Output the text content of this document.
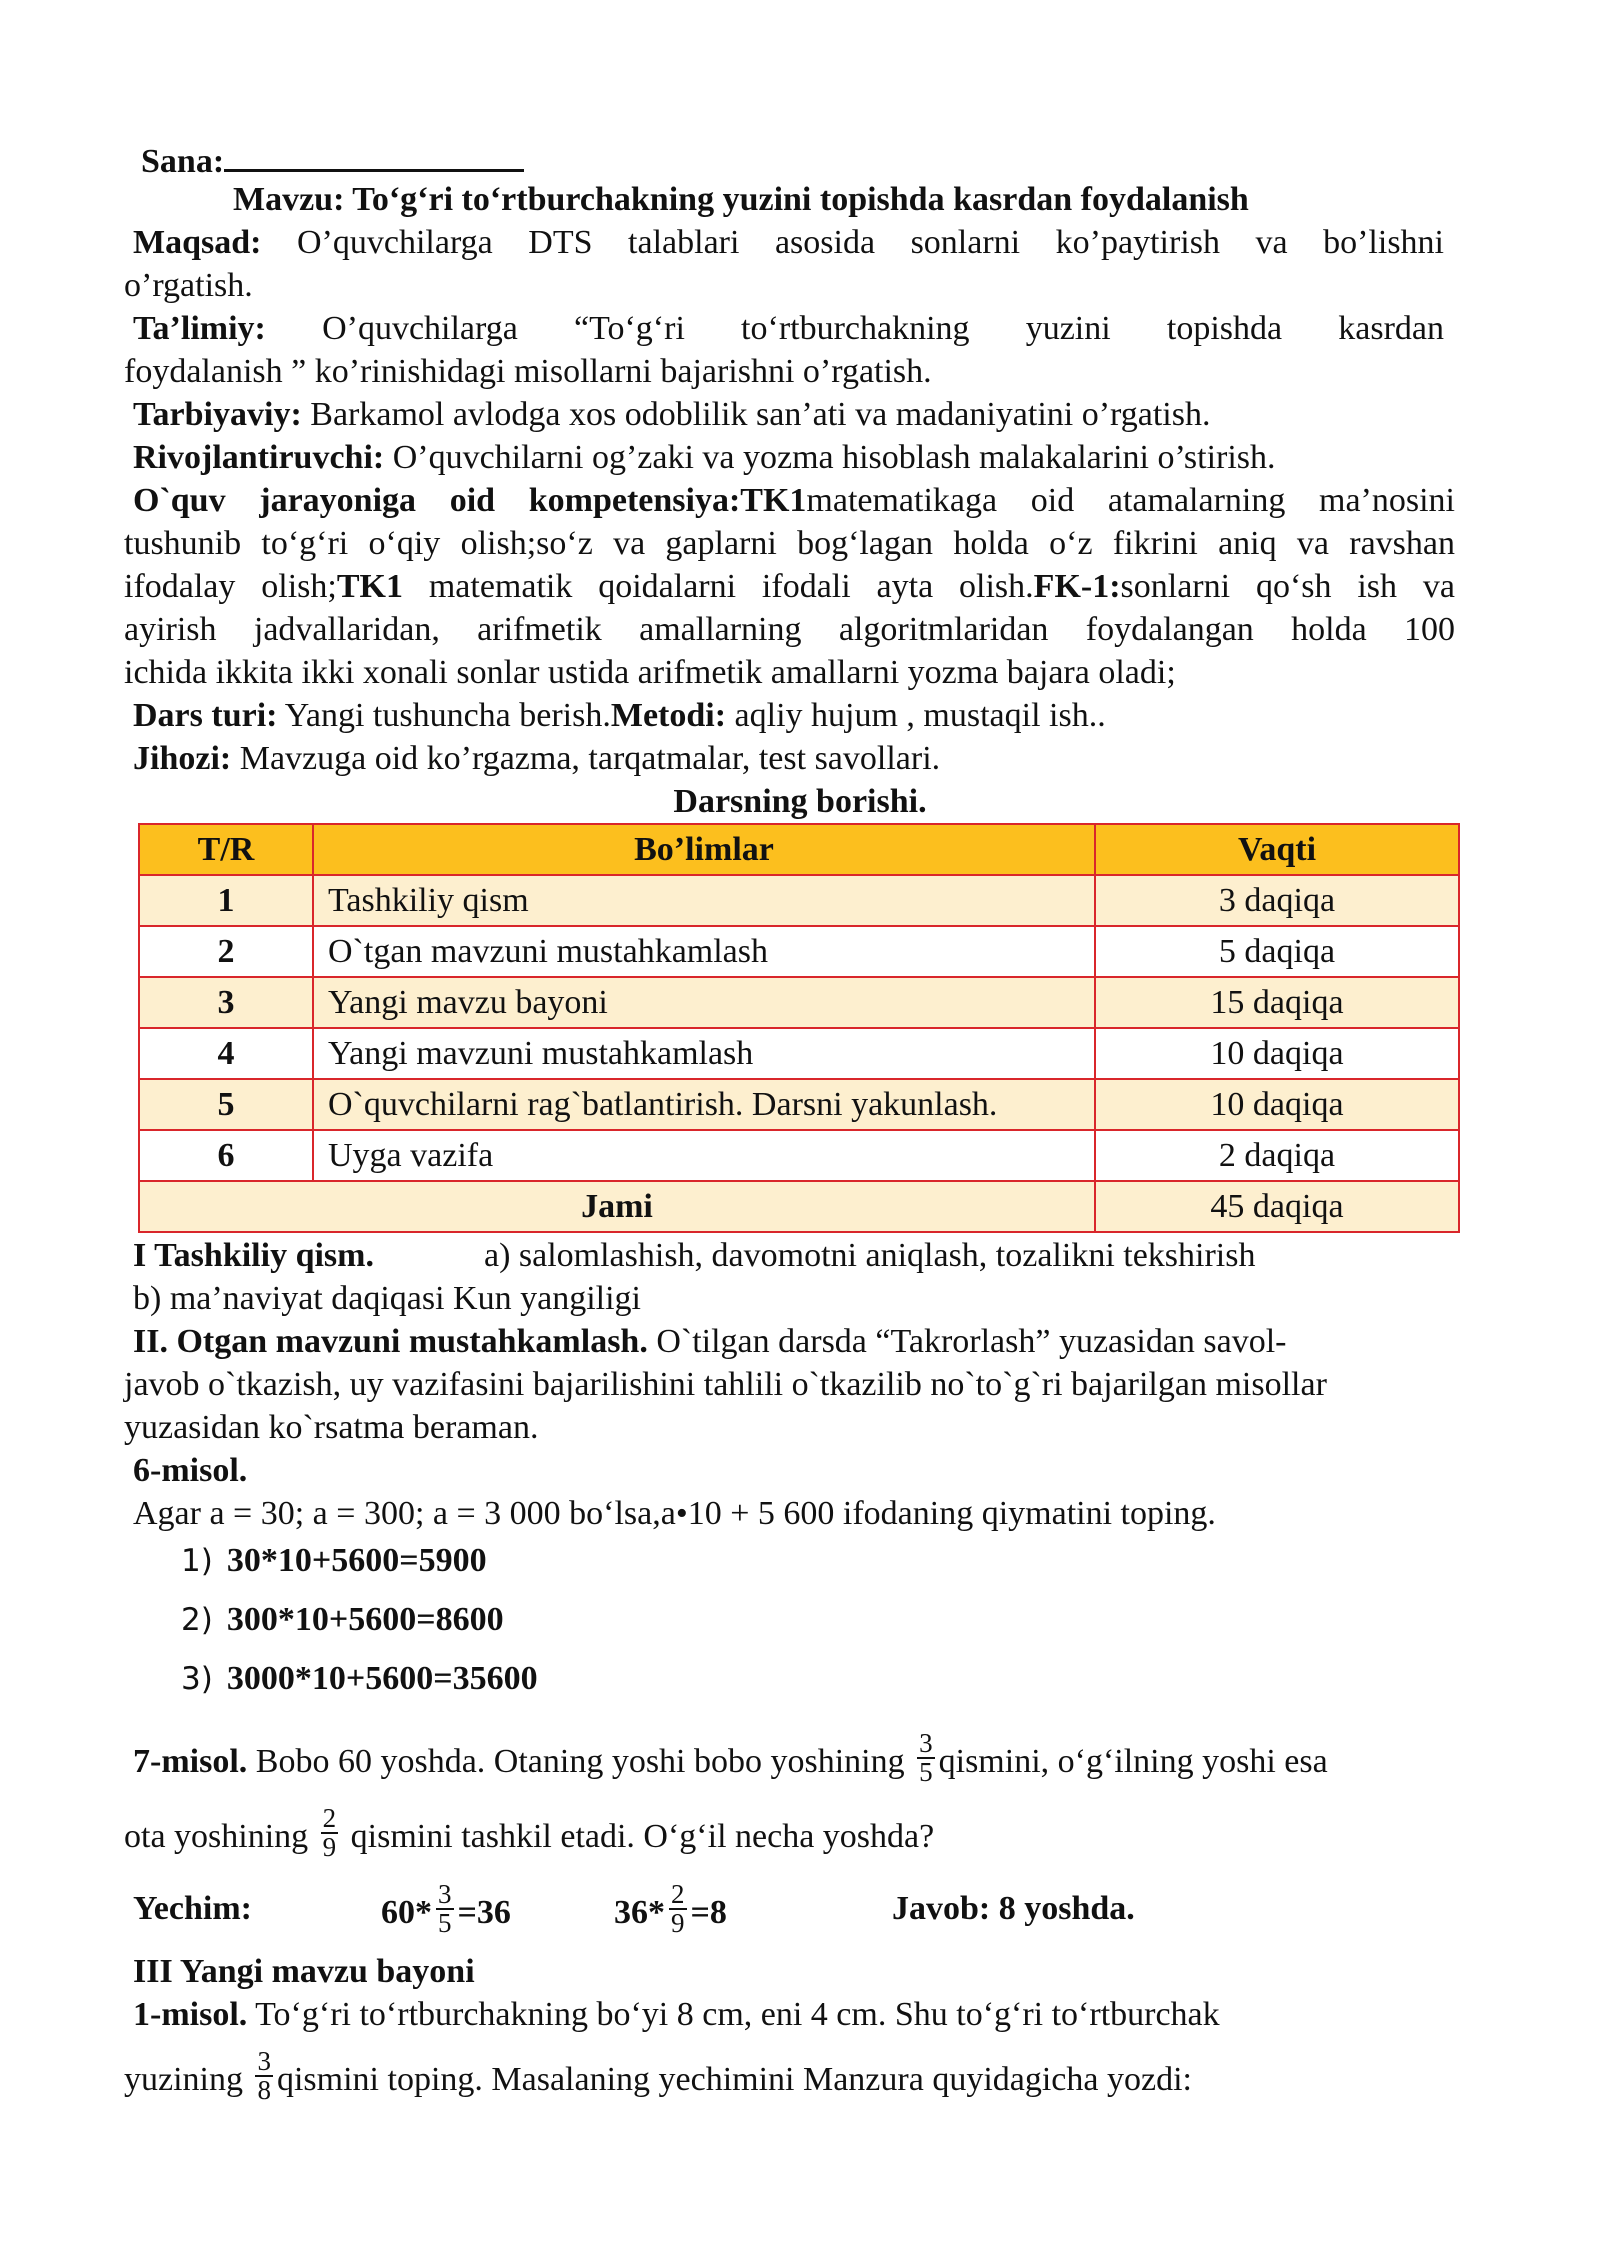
Sana:
Mavzu: To‘g‘ri to‘rtburchakning yuzini topishda kasrdan foydalanish
Maqsad: O’quvchilarga DTS talablari asosida sonlarni ko’paytirish va bo’lishni
o’rgatish.
Ta’limiy: O’quvchilarga “To‘g‘ri to‘rtburchakning yuzini topishda kasrdan
foydalanish ” ko’rinishidagi misollarni bajarishni o’rgatish.
Tarbiyaviy: Barkamol avlodga xos odoblilik san’ati va madaniyatini o’rgatish.
Rivojlantiruvchi: O’quvchilarni og’zaki va yozma hisoblash malakalarini o’stirish.
O`quv jarayoniga oid kompetensiya:TK1matematikaga oid atamalarning ma’nosini
tushunib to‘g‘ri o‘qiy olish;so‘z va gaplarni bog‘lagan holda o‘z fikrini aniq va ravshan
ifodalay olish;TK1 matematik qoidalarni ifodali ayta olish.FK-1:sonlarni qo‘sh ish va
ayirish jadvallaridan, arifmetik amallarning algoritmlaridan foydalangan holda 100
ichida ikkita ikki xonali sonlar ustida arifmetik amallarni yozma bajara oladi;
Dars turi: Yangi tushuncha berish.Metodi: aqliy hujum , mustaqil ish..
Jihozi: Mavzuga oid ko’rgazma, tarqatmalar, test savollari.
Darsning borishi.
T/R	Bo’limlar	Vaqti
1	Tashkiliy qism	3 daqiqa
2	O`tgan mavzuni mustahkamlash	5 daqiqa
3	Yangi mavzu bayoni	15 daqiqa
4	Yangi mavzuni mustahkamlash	10 daqiqa
5	O`quvchilarni rag`batlantirish. Darsni yakunlash.	10 daqiqa
6	Uyga vazifa	2 daqiqa
Jami		45 daqiqa
I Tashkiliy qism.	a) salomlashish, davomotni aniqlash, tozalikni tekshirish
b) ma’naviyat daqiqasi Kun yangiligi
II. Otgan mavzuni mustahkamlash. O`tilgan darsda “Takrorlash” yuzasidan savol-
javob o`tkazish, uy vazifasini bajarilishini tahlili o`tkazilib no`to`g`ri bajarilgan misollar
yuzasidan ko`rsatma beraman.
6-misol.
Agar a = 30; a = 300; a = 3 000 bo‘lsa,a•10 + 5 600 ifodaning qiymatini toping.
1) 30*10+5600=5900
2) 300*10+5600=8600
3) 3000*10+5600=35600
7-misol. Bobo 60 yoshda. Otaning yoshi bobo yoshining $\frac{3}{5} qismini$, o‘g‘ilning yoshi esa
ota yoshining $\frac{2}{9}$ qismini tashkil etadi. O‘g‘il necha yoshda?
Yechim:	$60* \frac{3}{5} =36$	$36* \frac{2}{9} =8$	Javob: 8 yoshda.
III Yangi mavzu bayoni
1-misol. To‘g‘ri to‘rtburchakning bo‘yi 8 cm, eni 4 cm. Shu to‘g‘ri to‘rtburchak
yuzining $\frac{3}{8}$ qismini toping. Masalaning yechimini Manzura quyidagicha yozdi:
